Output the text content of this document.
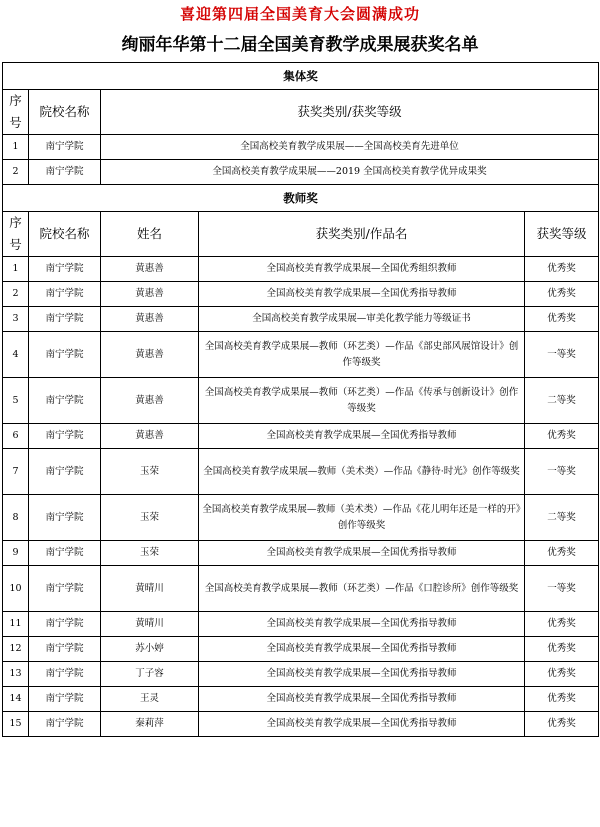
喜迎第四届全国美育大会圆满成功
绚丽年华第十二届全国美育教学成果展获奖名单
集体奖				
序号	院校名称	获奖类别/获奖等级		
1	南宁学院	全国高校美育教学成果展——全国高校美育先进单位		
2	南宁学院	全国高校美育教学成果展——2019 全国高校美育教学优异成果奖		
教师奖				
序号	院校名称	姓名	获奖类别/作品名	获奖等级
1	南宁学院	黄惠善	全国高校美育教学成果展—全国优秀组织教师	优秀奖
2	南宁学院	黄惠善	全国高校美育教学成果展—全国优秀指导教师	优秀奖
3	南宁学院	黄惠善	全国高校美育教学成果展—审美化教学能力等级证书	优秀奖
4	南宁学院	黄惠善	全国高校美育教学成果展—教师（环艺类）—作品《部史部风展馆设计》创作等级奖	一等奖
5	南宁学院	黄惠善	全国高校美育教学成果展—教师（环艺类）—作品《传承与创新设计》创作等级奖	二等奖
6	南宁学院	黄惠善	全国高校美育教学成果展—全国优秀指导教师	优秀奖
7	南宁学院	玉荣	全国高校美育教学成果展—教师（美术类）—作品《静待·时光》创作等级奖	一等奖
8	南宁学院	玉荣	全国高校美育教学成果展—教师（美术类）—作品《花儿明年还是一样的开》创作等级奖	二等奖
9	南宁学院	玉荣	全国高校美育教学成果展—全国优秀指导教师	优秀奖
10	南宁学院	黄晴川	全国高校美育教学成果展—教师（环艺类）—作品《口腔诊所》创作等级奖	一等奖
11	南宁学院	黄晴川	全国高校美育教学成果展—全国优秀指导教师	优秀奖
12	南宁学院	苏小婷	全国高校美育教学成果展—全国优秀指导教师	优秀奖
13	南宁学院	丁子容	全国高校美育教学成果展—全国优秀指导教师	优秀奖
14	南宁学院	王灵	全国高校美育教学成果展—全国优秀指导教师	优秀奖
15	南宁学院	秦莉萍	全国高校美育教学成果展—全国优秀指导教师	优秀奖
